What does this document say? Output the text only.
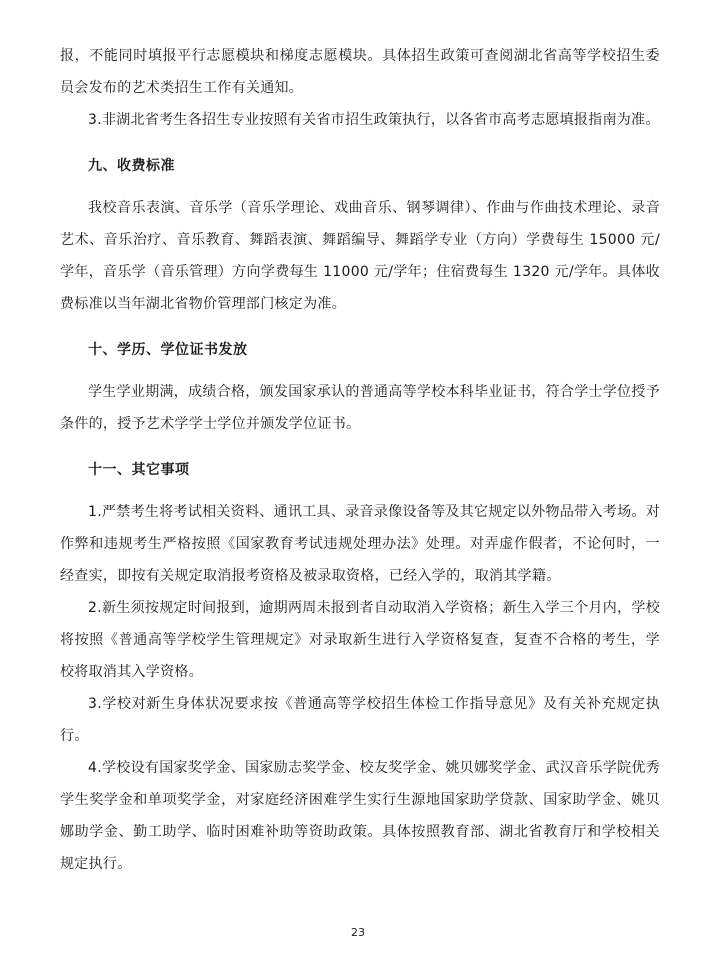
报，不能同时填报平行志愿模块和梯度志愿模块。具体招生政策可查阅湖北省高等学校招生委员会发布的艺术类招生工作有关通知。

3.非湖北省考生各招生专业按照有关省市招生政策执行，以各省市高考志愿填报指南为准。

九、收费标准

我校音乐表演、音乐学（音乐学理论、戏曲音乐、钢琴调律）、作曲与作曲技术理论、录音艺术、音乐治疗、音乐教育、舞蹈表演、舞蹈编导、舞蹈学专业（方向）学费每生 15000 元/学年，音乐学（音乐管理）方向学费每生 11000 元/学年；住宿费每生 1320 元/学年。具体收费标准以当年湖北省物价管理部门核定为准。

十、学历、学位证书发放

学生学业期满，成绩合格，颁发国家承认的普通高等学校本科毕业证书，符合学士学位授予条件的，授予艺术学学士学位并颁发学位证书。

十一、其它事项

1.严禁考生将考试相关资料、通讯工具、录音录像设备等及其它规定以外物品带入考场。对作弊和违规考生严格按照《国家教育考试违规处理办法》处理。对弄虚作假者，不论何时，一经查实，即按有关规定取消报考资格及被录取资格，已经入学的，取消其学籍。

2.新生须按规定时间报到，逾期两周未报到者自动取消入学资格；新生入学三个月内，学校将按照《普通高等学校学生管理规定》对录取新生进行入学资格复查，复查不合格的考生，学校将取消其入学资格。

3.学校对新生身体状况要求按《普通高等学校招生体检工作指导意见》及有关补充规定执行。

4.学校设有国家奖学金、国家励志奖学金、校友奖学金、姚贝娜奖学金、武汉音乐学院优秀学生奖学金和单项奖学金，对家庭经济困难学生实行生源地国家助学贷款、国家助学金、姚贝娜助学金、勤工助学、临时困难补助等资助政策。具体按照教育部、湖北省教育厅和学校相关规定执行。

23
